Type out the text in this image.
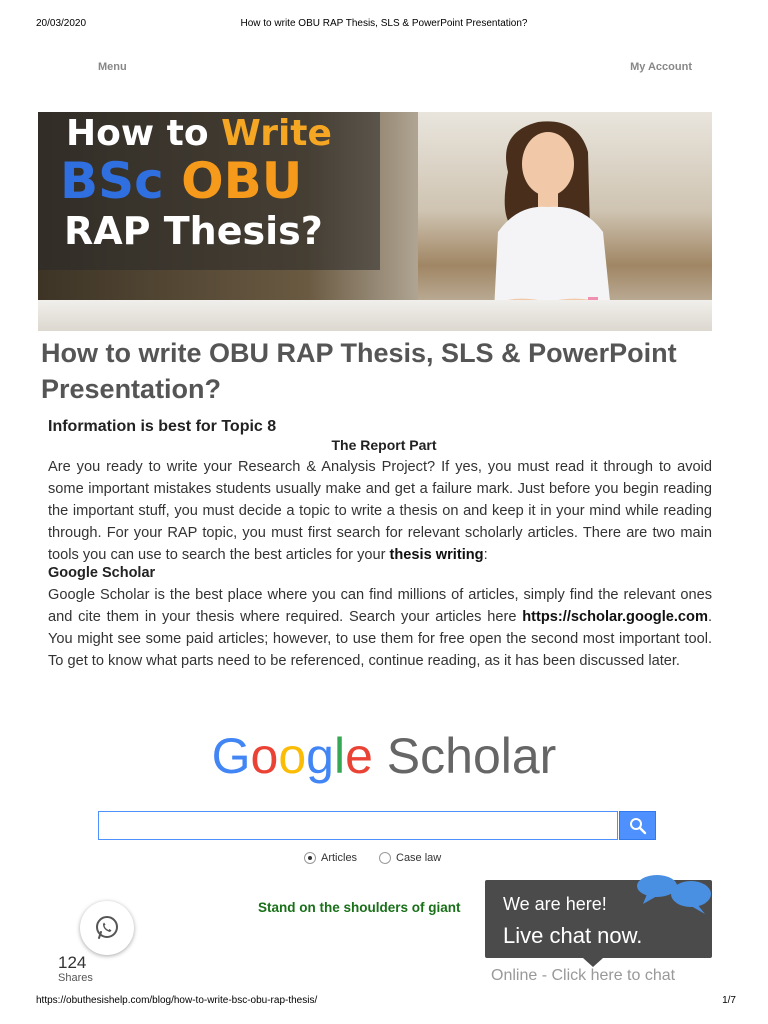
20/03/2020	How to write OBU RAP Thesis, SLS & PowerPoint Presentation?
Menu	My Account
How to Write
BSc OBU
RAP Thesis?
How to write OBU RAP Thesis, SLS & PowerPoint Presentation?
Information is best for Topic 8
The Report Part

Are you ready to write your Research & Analysis Project? If yes, you must read it through to avoid some important mistakes students usually make and get a failure mark. Just before you begin reading the important stuff, you must decide a topic to write a thesis on and keep it in your mind while reading through. For your RAP topic, you must first search for relevant scholarly articles. There are two main tools you can use to search the best articles for your thesis writing:

Google Scholar

Google Scholar is the best place where you can find millions of articles, simply find the relevant ones and cite them in your thesis where required. Search your articles here https://scholar.google.com. You might see some paid articles; however, to use them for free open the second most important tool. To get to know what parts need to be referenced, continue reading, as it has been discussed later.

Google Scholar
Articles	Case law
Stand on the shoulders of giant
124
Shares
We are here!
Live chat now.
Online - Click here to chat
https://obuthesishelp.com/blog/how-to-write-bsc-obu-rap-thesis/	1/7
